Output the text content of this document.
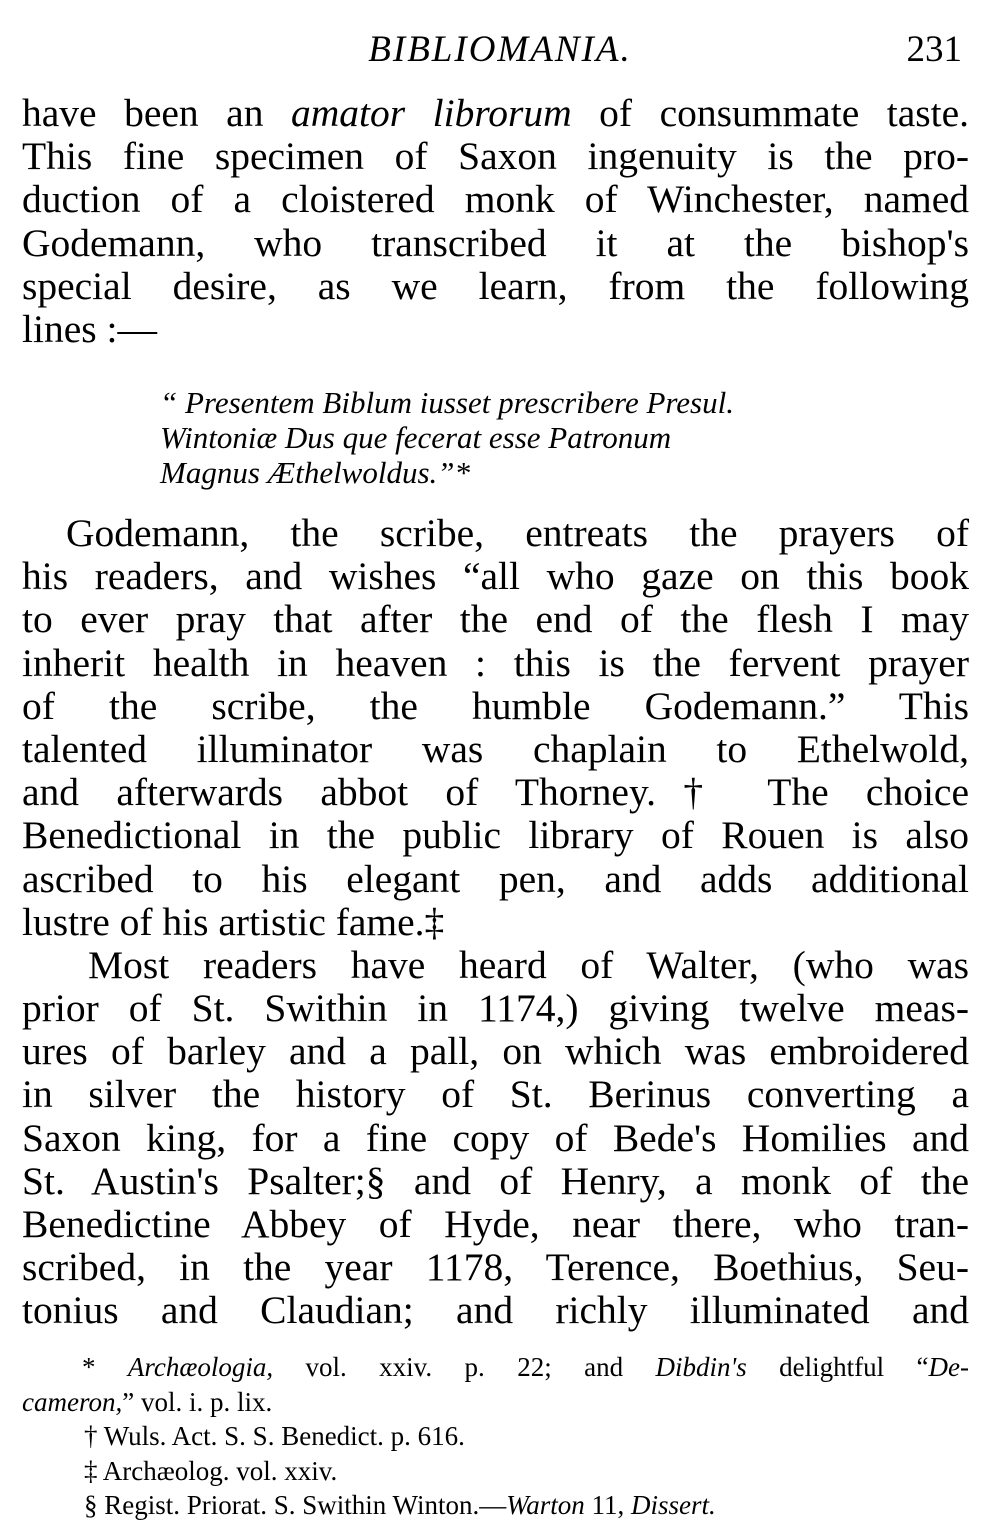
BIBLIOMANIA.	231
have been an amator librorum of consummate taste.
This fine specimen of Saxon ingenuity is the pro-
duction of a cloistered monk of Winchester, named
Godemann, who transcribed it at the bishop's
special desire, as we learn, from the following
lines :—
“ Presentem Biblum iusset prescribere Presul.
Wintoniæ Dus que fecerat esse Patronum
Magnus Æthelwoldus.”*
Godemann, the scribe, entreats the prayers of
his readers, and wishes “all who gaze on this book
to ever pray that after the end of the flesh I may
inherit health in heaven : this is the fervent prayer
of the scribe, the humble Godemann.” This
talented illuminator was chaplain to Ethelwold,
and afterwards abbot of Thorney.† The choice
Benedictional in the public library of Rouen is also
ascribed to his elegant pen, and adds additional
lustre of his artistic fame.‡
Most readers have heard of Walter, (who was
prior of St. Swithin in 1174,) giving twelve meas-
ures of barley and a pall, on which was embroidered
in silver the history of St. Berinus converting a
Saxon king, for a fine copy of Bede's Homilies and
St. Austin's Psalter;§ and of Henry, a monk of the
Benedictine Abbey of Hyde, near there, who tran-
scribed, in the year 1178, Terence, Boethius, Seu-
tonius and Claudian; and richly illuminated and
* Archæologia, vol. xxiv. p. 22; and Dibdin's delightful “De-
cameron,” vol. i. p. lix.
† Wuls. Act. S. S. Benedict. p. 616.
‡ Archæolog. vol. xxiv.
§ Regist. Priorat. S. Swithin Winton.—Warton 11, Dissert.
